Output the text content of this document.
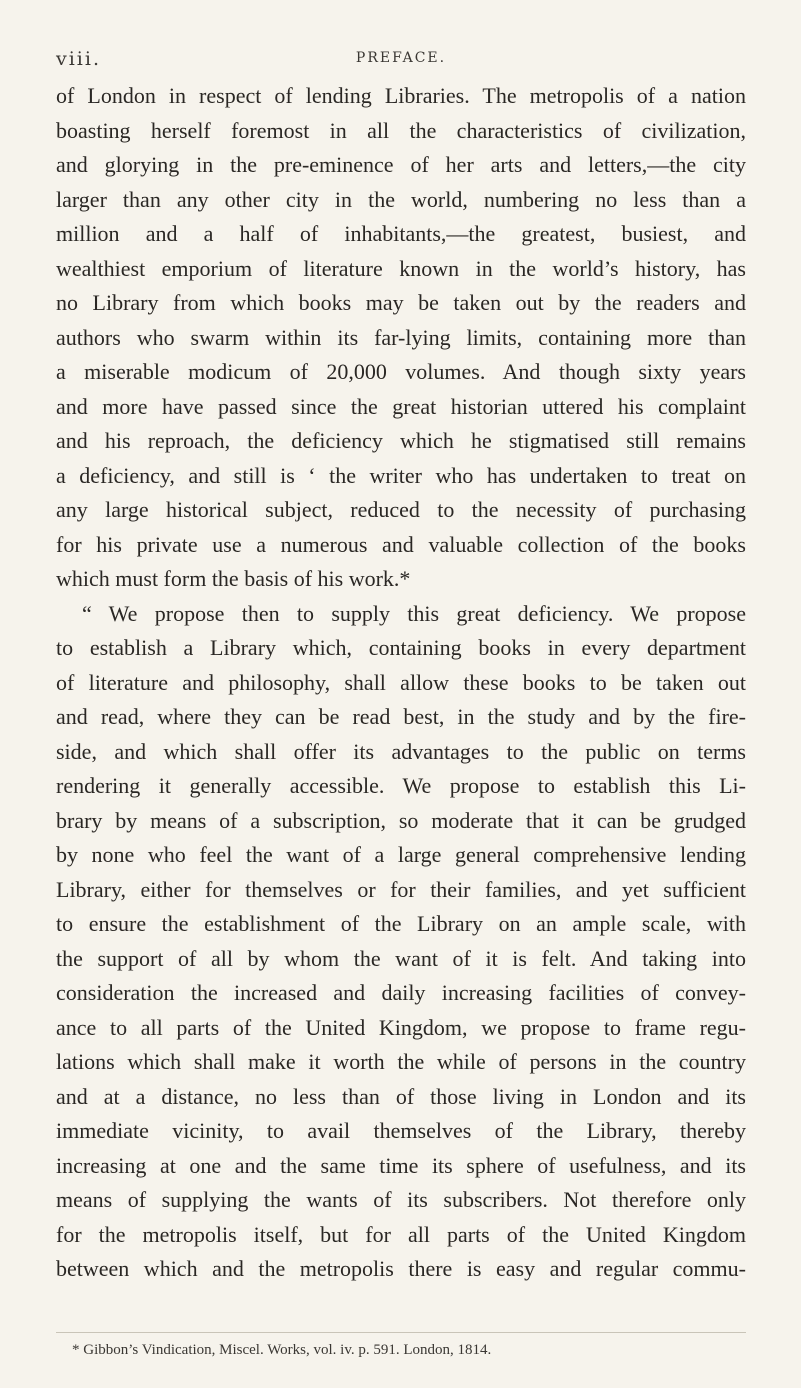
viii.	PREFACE.
of London in respect of lending Libraries. The metropolis of a nation
boasting herself foremost in all the characteristics of civilization,
and glorying in the pre-eminence of her arts and letters,—the city
larger than any other city in the world, numbering no less than a
million and a half of inhabitants,—the greatest, busiest, and
wealthiest emporium of literature known in the world’s history, has
no Library from which books may be taken out by the readers and
authors who swarm within its far-lying limits, containing more than
a miserable modicum of 20,000 volumes. And though sixty years
and more have passed since the great historian uttered his complaint
and his reproach, the deficiency which he stigmatised still remains
a deficiency, and still is ‘ the writer who has undertaken to treat on
any large historical subject, reduced to the necessity of purchasing
for his private use a numerous and valuable collection of the books
which must form the basis of his work.*
“ We propose then to supply this great deficiency. We propose
to establish a Library which, containing books in every department
of literature and philosophy, shall allow these books to be taken out
and read, where they can be read best, in the study and by the fire-
side, and which shall offer its advantages to the public on terms
rendering it generally accessible. We propose to establish this Li-
brary by means of a subscription, so moderate that it can be grudged
by none who feel the want of a large general comprehensive lending
Library, either for themselves or for their families, and yet sufficient
to ensure the establishment of the Library on an ample scale, with
the support of all by whom the want of it is felt. And taking into
consideration the increased and daily increasing facilities of convey-
ance to all parts of the United Kingdom, we propose to frame regu-
lations which shall make it worth the while of persons in the country
and at a distance, no less than of those living in London and its
immediate vicinity, to avail themselves of the Library, thereby
increasing at one and the same time its sphere of usefulness, and its
means of supplying the wants of its subscribers. Not therefore only
for the metropolis itself, but for all parts of the United Kingdom
between which and the metropolis there is easy and regular commu-
* Gibbon’s Vindication, Miscel. Works, vol. iv. p. 591. London, 1814.
